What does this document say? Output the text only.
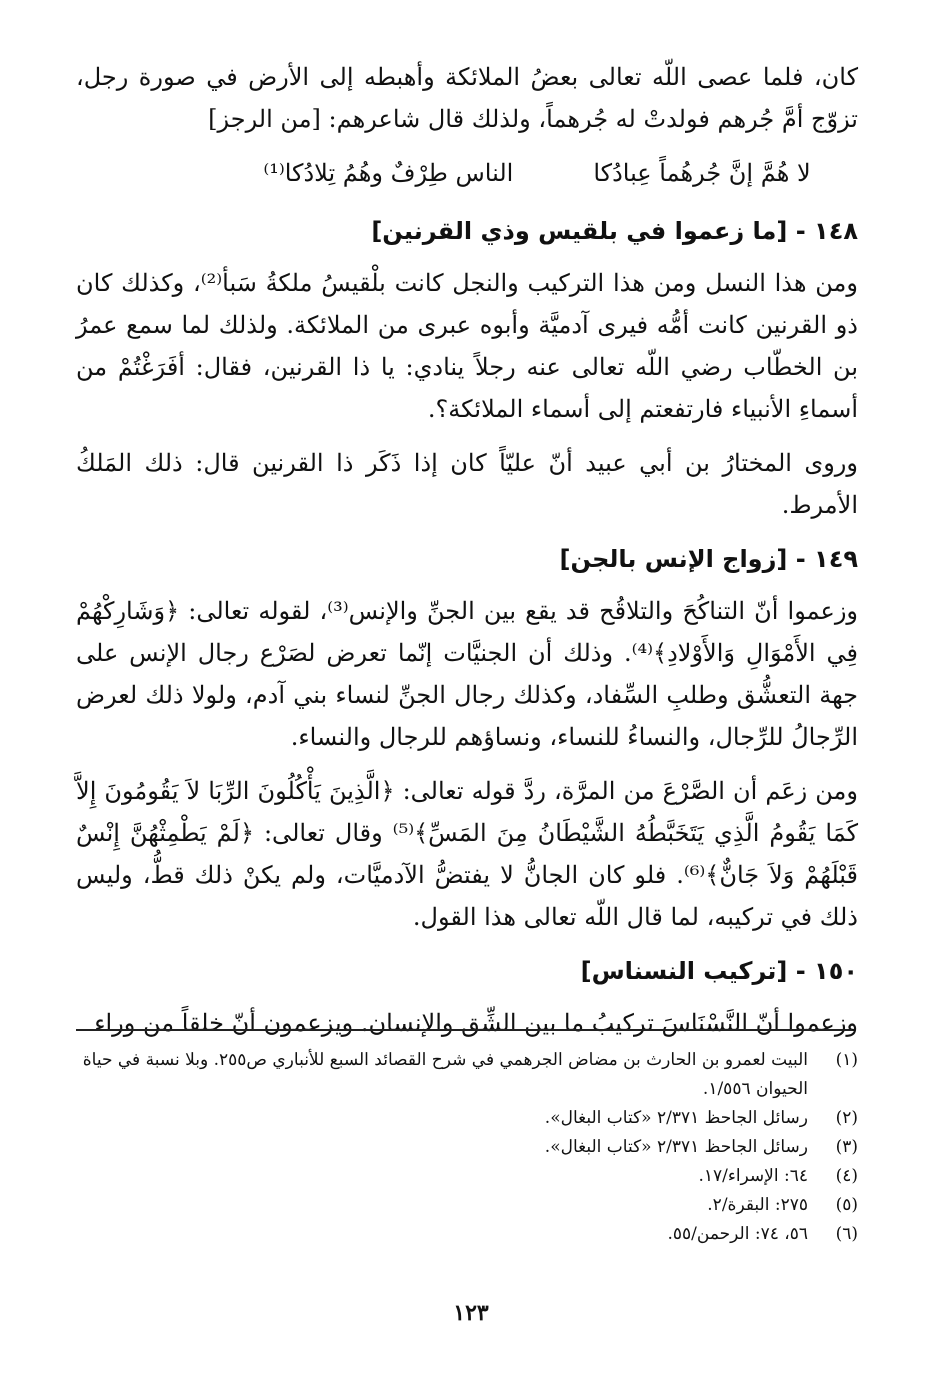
كان، فلما عصى اللّه تعالى بعضُ الملائكة وأهبطه إلى الأرض في صورة رجل، تزوّج أمَّ جُرهم فولدتْ له جُرهماً، ولذلك قال شاعرهم: [من الرجز]

لا هُمَّ إنَّ جُرهُماً عِبادُكا
الناس طِرْفٌ وهُمُ تِلادُكا⁽¹⁾
١٤٨ - [ما زعموا في بلقيس وذي القرنين]

ومن هذا النسل ومن هذا التركيب والنجل كانت بلْقيسُ ملكةُ سَبأ⁽²⁾، وكذلك كان ذو القرنين كانت أمُّه فيرى آدميَّة وأبوه عبرى من الملائكة. ولذلك لما سمع عمرُ بن الخطّاب رضي اللّه تعالى عنه رجلاً ينادي: يا ذا القرنين، فقال: أفَرَغْتُمْ من أسماءِ الأنبياء فارتفعتم إلى أسماء الملائكة؟.

وروى المختارُ بن أبي عبيد أنّ عليّاً كان إذا ذَكَر ذا القرنين قال: ذلك المَلكُ الأمرط.

١٤٩ - [زواج الإنس بالجن]

وزعموا أنّ التناكُحَ والتلاقُح قد يقع بين الجنِّ والإنس⁽³⁾، لقوله تعالى: ﴿وَشَارِكْهُمْ فِي الأَمْوَالِ وَالأَوْلادِ﴾⁽⁴⁾. وذلك أن الجنيَّات إنّما تعرض لصَرْع رجال الإنس على جهة التعشُّق وطلبِ السِّفاد، وكذلك رجال الجنِّ لنساء بني آدم، ولولا ذلك لعرض الرِّجالُ للرِّجال، والنساءُ للنساء، ونساؤهم للرجال والنساء.

ومن زعَم أن الصَّرْعَ من المرَّة، ردَّ قوله تعالى: ﴿الَّذِينَ يَأْكُلُونَ الرِّبَا لاَ يَقُومُونَ إِلاَّ كَمَا يَقُومُ الَّذِي يَتَخَبَّطُهُ الشَّيْطَانُ مِنَ المَسِّ﴾⁽⁵⁾ وقال تعالى: ﴿لَمْ يَطْمِثْهُنَّ إِنْسٌ قَبْلَهُمْ وَلاَ جَانٌّ﴾⁽⁶⁾. فلو كان الجانُّ لا يفتضُّ الآدميَّات، ولم يكنْ ذلك قطُّ، وليس ذلك في تركيبه، لما قال اللّه تعالى هذا القول.

١٥٠ - [تركيب النسناس]

وزعموا أنّ النَّسْنَاسَ تركيبُ ما بين الشِّق والإنسان. ويزعمون أنّ خلقاً من وراء

(١)
البيت لعمرو بن الحارث بن مضاض الجرهمي في شرح القصائد السبع للأنباري ص٢٥٥. وبلا نسبة في حياة الحيوان ١/٥٥٦.
(٢)
رسائل الجاحظ ٢/٣٧١ «كتاب البغال».
(٣)
رسائل الجاحظ ٢/٣٧١ «كتاب البغال».
(٤)
٦٤: الإسراء/١٧.
(٥)
٢٧٥: البقرة/٢.
(٦)
٥٦، ٧٤: الرحمن/٥٥.
١٢٣
